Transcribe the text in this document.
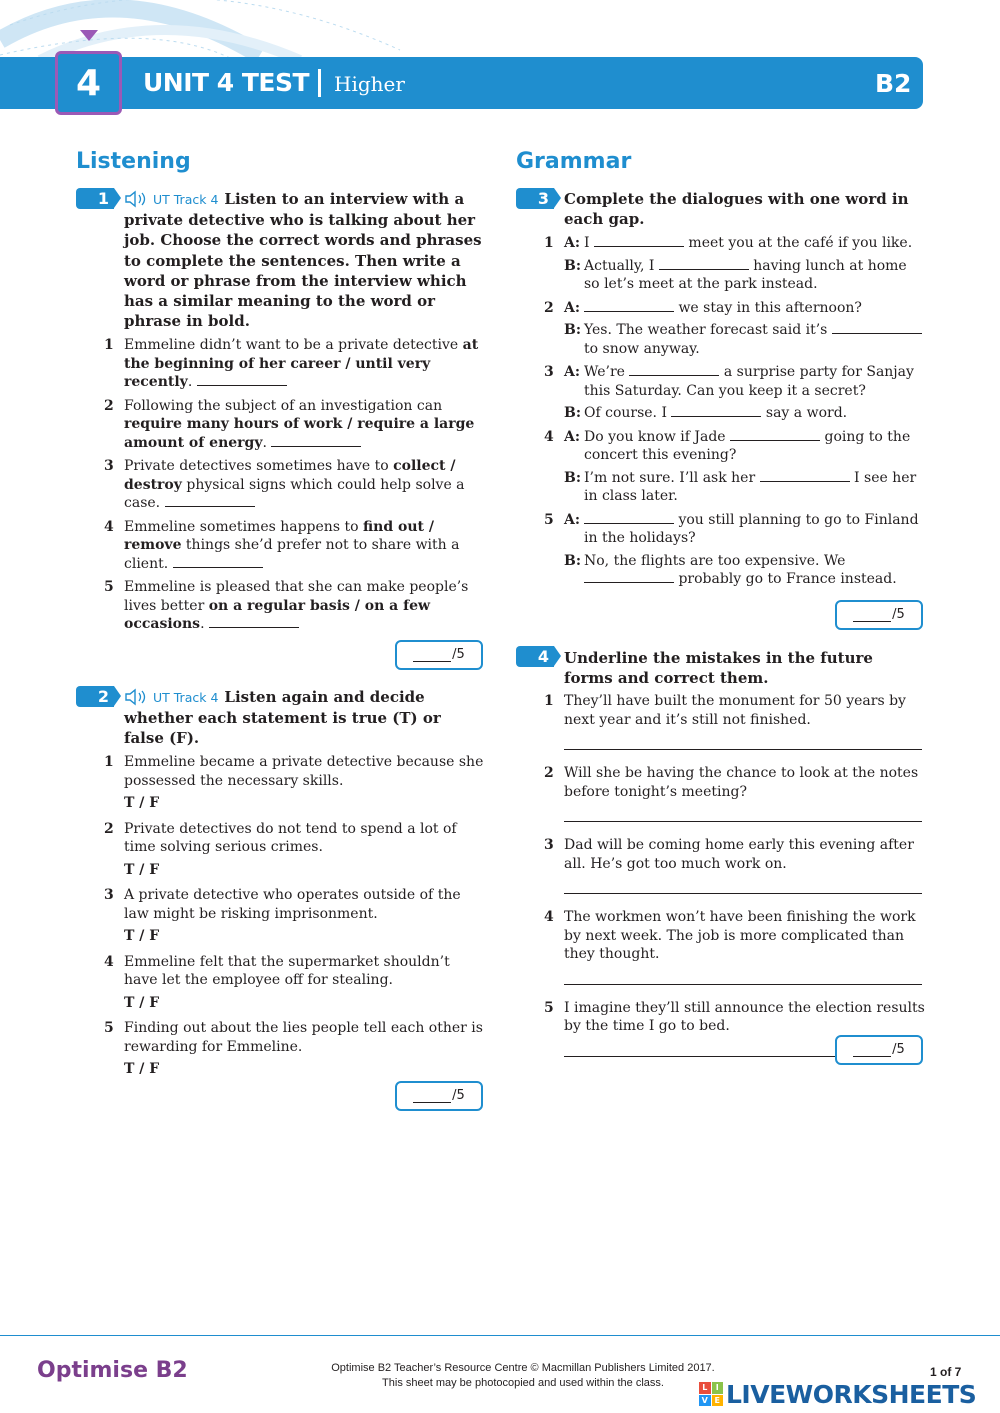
4	UNIT 4 TEST Higher	B2
Listening
1	UT Track 4 Listen to an interview with a private detective who is talking about her job. Choose the correct words and phrases to complete the sentences. Then write a word or phrase from the interview which has a similar meaning to the word or phrase in bold.
1 Emmeline didn’t want to be a private detective at the beginning of her career / until very recently.
2 Following the subject of an investigation can require many hours of work / require a large amount of energy.
3 Private detectives sometimes have to collect / destroy physical signs which could help solve a case.
4 Emmeline sometimes happens to find out / remove things she’d prefer not to share with a client.
5 Emmeline is pleased that she can make people’s lives better on a regular basis / on a few occasions.
/5
2	UT Track 4 Listen again and decide whether each statement is true (T) or false (F).
1 Emmeline became a private detective because she possessed the necessary skills.
T / F
2 Private detectives do not tend to spend a lot of time solving serious crimes.
T / F
3 A private detective who operates outside of the law might be risking imprisonment.
T / F
4 Emmeline felt that the supermarket shouldn’t have let the employee off for stealing.
T / F
5 Finding out about the lies people tell each other is rewarding for Emmeline.
T / F
/5
Grammar
3	Complete the dialogues with one word in each gap.
1 A: I	meet you at the café if you like.
B: Actually, I	having lunch at home so let’s meet at the park instead.
2 A:	we stay in this afternoon?
B: Yes. The weather forecast said it’s  to snow anyway.
3 A: We’re	a surprise party for Sanjay this Saturday. Can you keep it a secret?
B: Of course. I	say a word.
4 A: Do you know if Jade	going to the concert this evening?
B: I’m not sure. I’ll ask her	I see her in class later.
5 A:	you still planning to go to Finland in the holidays?
B: No, the flights are too expensive. We  probably go to France instead.
/5
4	Underline the mistakes in the future forms and correct them.
1 They’ll have built the monument for 50 years by next year and it’s still not finished.
2 Will she be having the chance to look at the notes before tonight’s meeting?
3 Dad will be coming home early this evening after all. He’s got too much work on.
4 The workmen won’t have been finishing the work by next week. The job is more complicated than they thought.
5 I imagine they’ll still announce the election results by the time I go to bed.
/5
Optimise B2	Optimise B2 Teacher’s Resource Centre © Macmillan Publishers Limited 2017.
This sheet may be photocopied and used within the class.
1 of 7
L	I
V E LIVEWORKSHEETS
